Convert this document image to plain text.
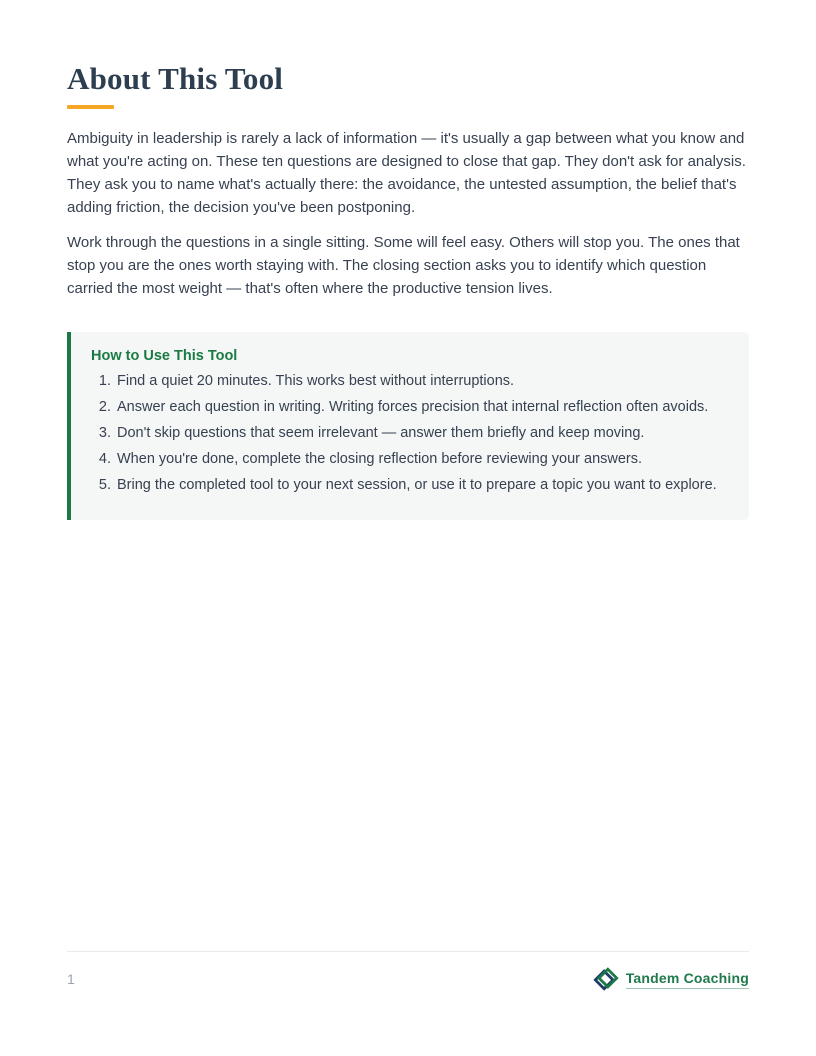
About This Tool

Ambiguity in leadership is rarely a lack of information — it's usually a gap between what you know and what you're acting on. These ten questions are designed to close that gap. They don't ask for analysis. They ask you to name what's actually there: the avoidance, the untested assumption, the belief that's adding friction, the decision you've been postponing.

Work through the questions in a single sitting. Some will feel easy. Others will stop you. The ones that stop you are the ones worth staying with. The closing section asks you to identify which question carried the most weight — that's often where the productive tension lives.

How to Use This Tool
1. Find a quiet 20 minutes. This works best without interruptions.
2. Answer each question in writing. Writing forces precision that internal reflection often avoids.
3. Don't skip questions that seem irrelevant — answer them briefly and keep moving.
4. When you're done, complete the closing reflection before reviewing your answers.
5. Bring the completed tool to your next session, or use it to prepare a topic you want to explore.
1	Tandem Coaching
